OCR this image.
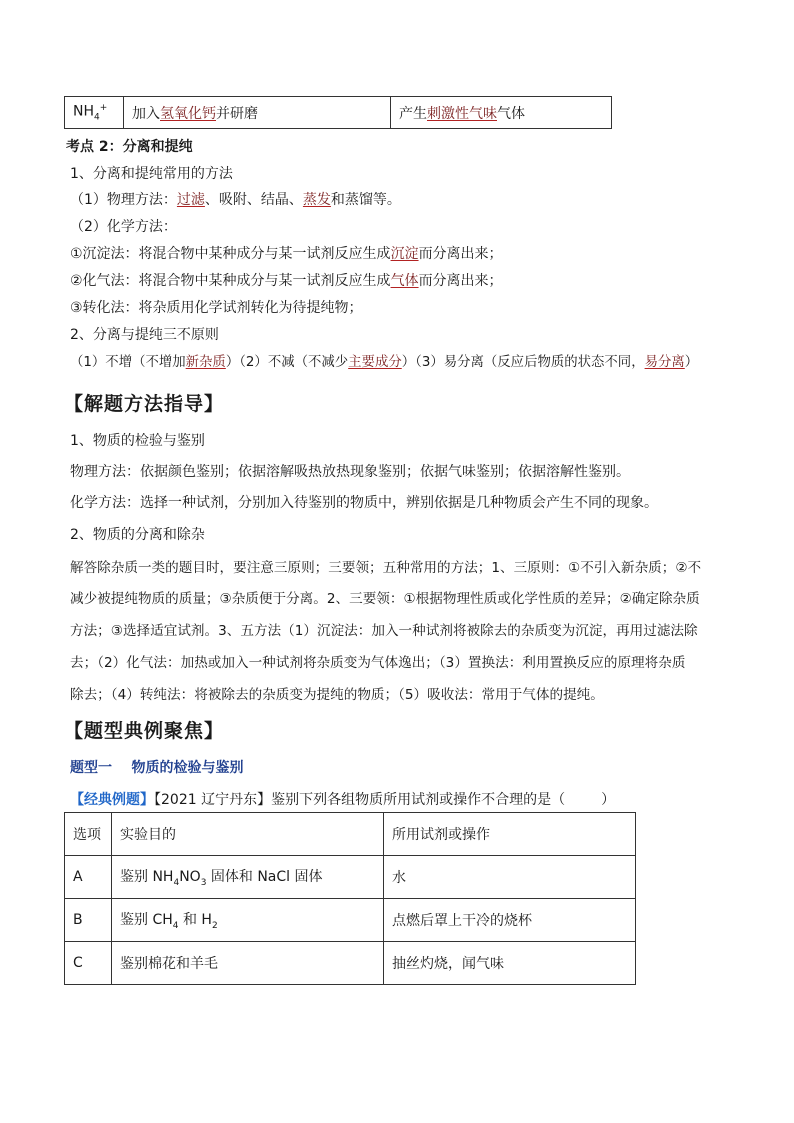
$NH_4^+$	加入氢氧化钙并研磨	产生刺激性气味气体
考点 2：分离和提纯
1、分离和提纯常用的方法
（1）物理方法：过滤、吸附、结晶、蒸发和蒸馏等。
（2）化学方法：
①沉淀法：将混合物中某种成分与某一试剂反应生成沉淀而分离出来；
②化气法：将混合物中某种成分与某一试剂反应生成气体而分离出来；
③转化法：将杂质用化学试剂转化为待提纯物；
2、分离与提纯三不原则
（1）不增（不增加新杂质）（2）不减（不减少主要成分）（3）易分离（反应后物质的状态不同，易分离）
【解题方法指导】
1、物质的检验与鉴别
物理方法：依据颜色鉴别；依据溶解吸热放热现象鉴别；依据气味鉴别；依据溶解性鉴别。
化学方法：选择一种试剂，分别加入待鉴别的物质中，辨别依据是几种物质会产生不同的现象。
2、物质的分离和除杂
解答除杂质一类的题目时，要注意三原则；三要领；五种常用的方法；1、三原则：①不引入新杂质；②不
减少被提纯物质的质量；③杂质便于分离。2、三要领：①根据物理性质或化学性质的差异；②确定除杂质
方法；③选择适宜试剂。3、五方法（1）沉淀法：加入一种试剂将被除去的杂质变为沉淀，再用过滤法除
去；（2）化气法：加热或加入一种试剂将杂质变为气体逸出；（3）置换法：利用置换反应的原理将杂质
除去；（4）转纯法：将被除去的杂质变为提纯的物质；（5）吸收法：常用于气体的提纯。
【题型典例聚焦】
题型一    物质的检验与鉴别
【经典例题】【2021 辽宁丹东】鉴别下列各组物质所用试剂或操作不合理的是（	）
选项	实验目的	所用试剂或操作
A	鉴别 $NH_4NO_3$ 固体和 NaCl 固体	水
B	鉴别 $CH_4$ 和 $H_2$	点燃后罩上干冷的烧杯
C	鉴别棉花和羊毛	抽丝灼烧，闻气味
